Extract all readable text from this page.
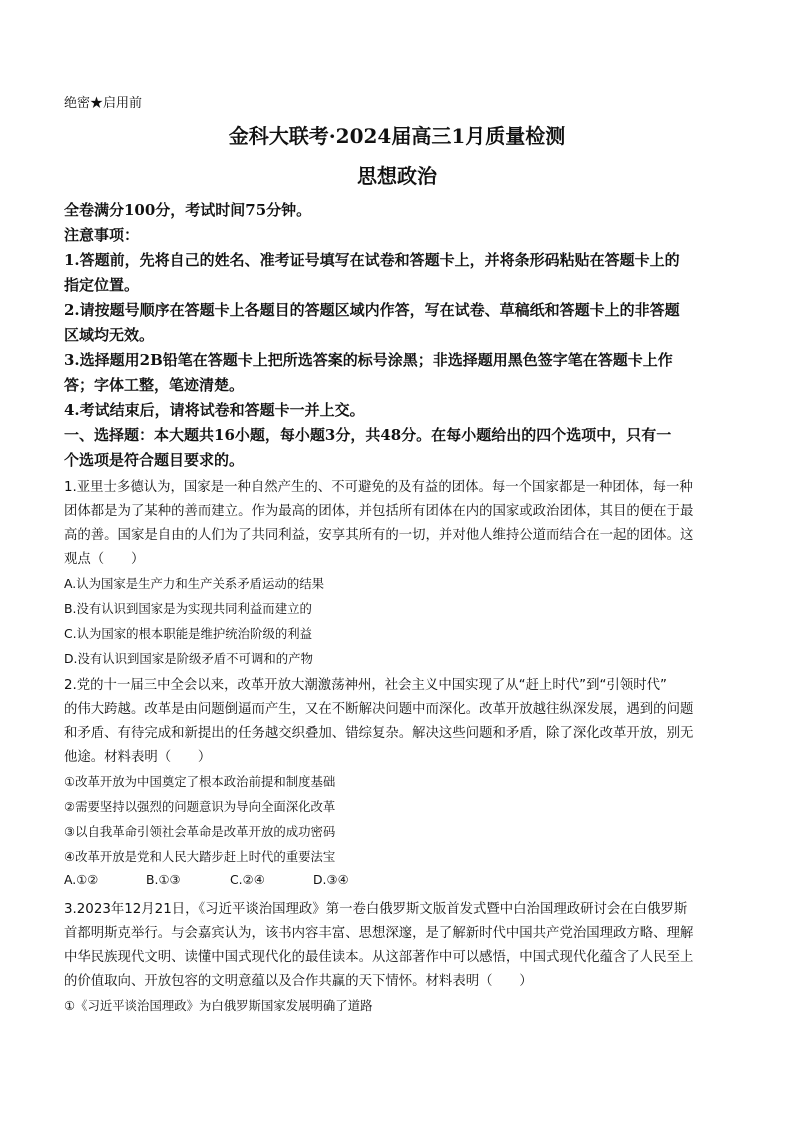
绝密★启用前
金科大联考·2024届高三1月质量检测
思想政治
全卷满分100分，考试时间75分钟。
注意事项：
1.答题前，先将自己的姓名、准考证号填写在试卷和答题卡上，并将条形码粘贴在答题卡上的
指定位置。
2.请按题号顺序在答题卡上各题目的答题区域内作答，写在试卷、草稿纸和答题卡上的非答题
区域均无效。
3.选择题用2B铅笔在答题卡上把所选答案的标号涂黑；非选择题用黑色签字笔在答题卡上作
答；字体工整，笔迹清楚。
4.考试结束后，请将试卷和答题卡一并上交。
一、选择题：本大题共16小题，每小题3分，共48分。在每小题给出的四个选项中，只有一
个选项是符合题目要求的。
1.亚里士多德认为，国家是一种自然产生的、不可避免的及有益的团体。每一个国家都是一种团体，每一种
团体都是为了某种的善而建立。作为最高的团体，并包括所有团体在内的国家或政治团体，其目的便在于最
高的善。国家是自由的人们为了共同利益，安享其所有的一切，并对他人维持公道而结合在一起的团体。这
观点（　　）
A.认为国家是生产力和生产关系矛盾运动的结果
B.没有认识到国家是为实现共同利益而建立的
C.认为国家的根本职能是维护统治阶级的利益
D.没有认识到国家是阶级矛盾不可调和的产物
2.党的十一届三中全会以来，改革开放大潮激荡神州，社会主义中国实现了从“赶上时代”到“引领时代”
的伟大跨越。改革是由问题倒逼而产生，又在不断解决问题中而深化。改革开放越往纵深发展，遇到的问题
和矛盾、有待完成和新提出的任务越交织叠加、错综复杂。解决这些问题和矛盾，除了深化改革开放，别无
他途。材料表明（　　）
①改革开放为中国奠定了根本政治前提和制度基础
②需要坚持以强烈的问题意识为导向全面深化改革
③以自我革命引领社会革命是改革开放的成功密码
④改革开放是党和人民大踏步赶上时代的重要法宝
A.①②	B.①③	C.②④	D.③④
3.2023年12月21日，《习近平谈治国理政》第一卷白俄罗斯文版首发式暨中白治国理政研讨会在白俄罗斯
首都明斯克举行。与会嘉宾认为，该书内容丰富、思想深邃，是了解新时代中国共产党治国理政方略、理解
中华民族现代文明、读懂中国式现代化的最佳读本。从这部著作中可以感悟，中国式现代化蕴含了人民至上
的价值取向、开放包容的文明意蕴以及合作共赢的天下情怀。材料表明（　　）
①《习近平谈治国理政》为白俄罗斯国家发展明确了道路
